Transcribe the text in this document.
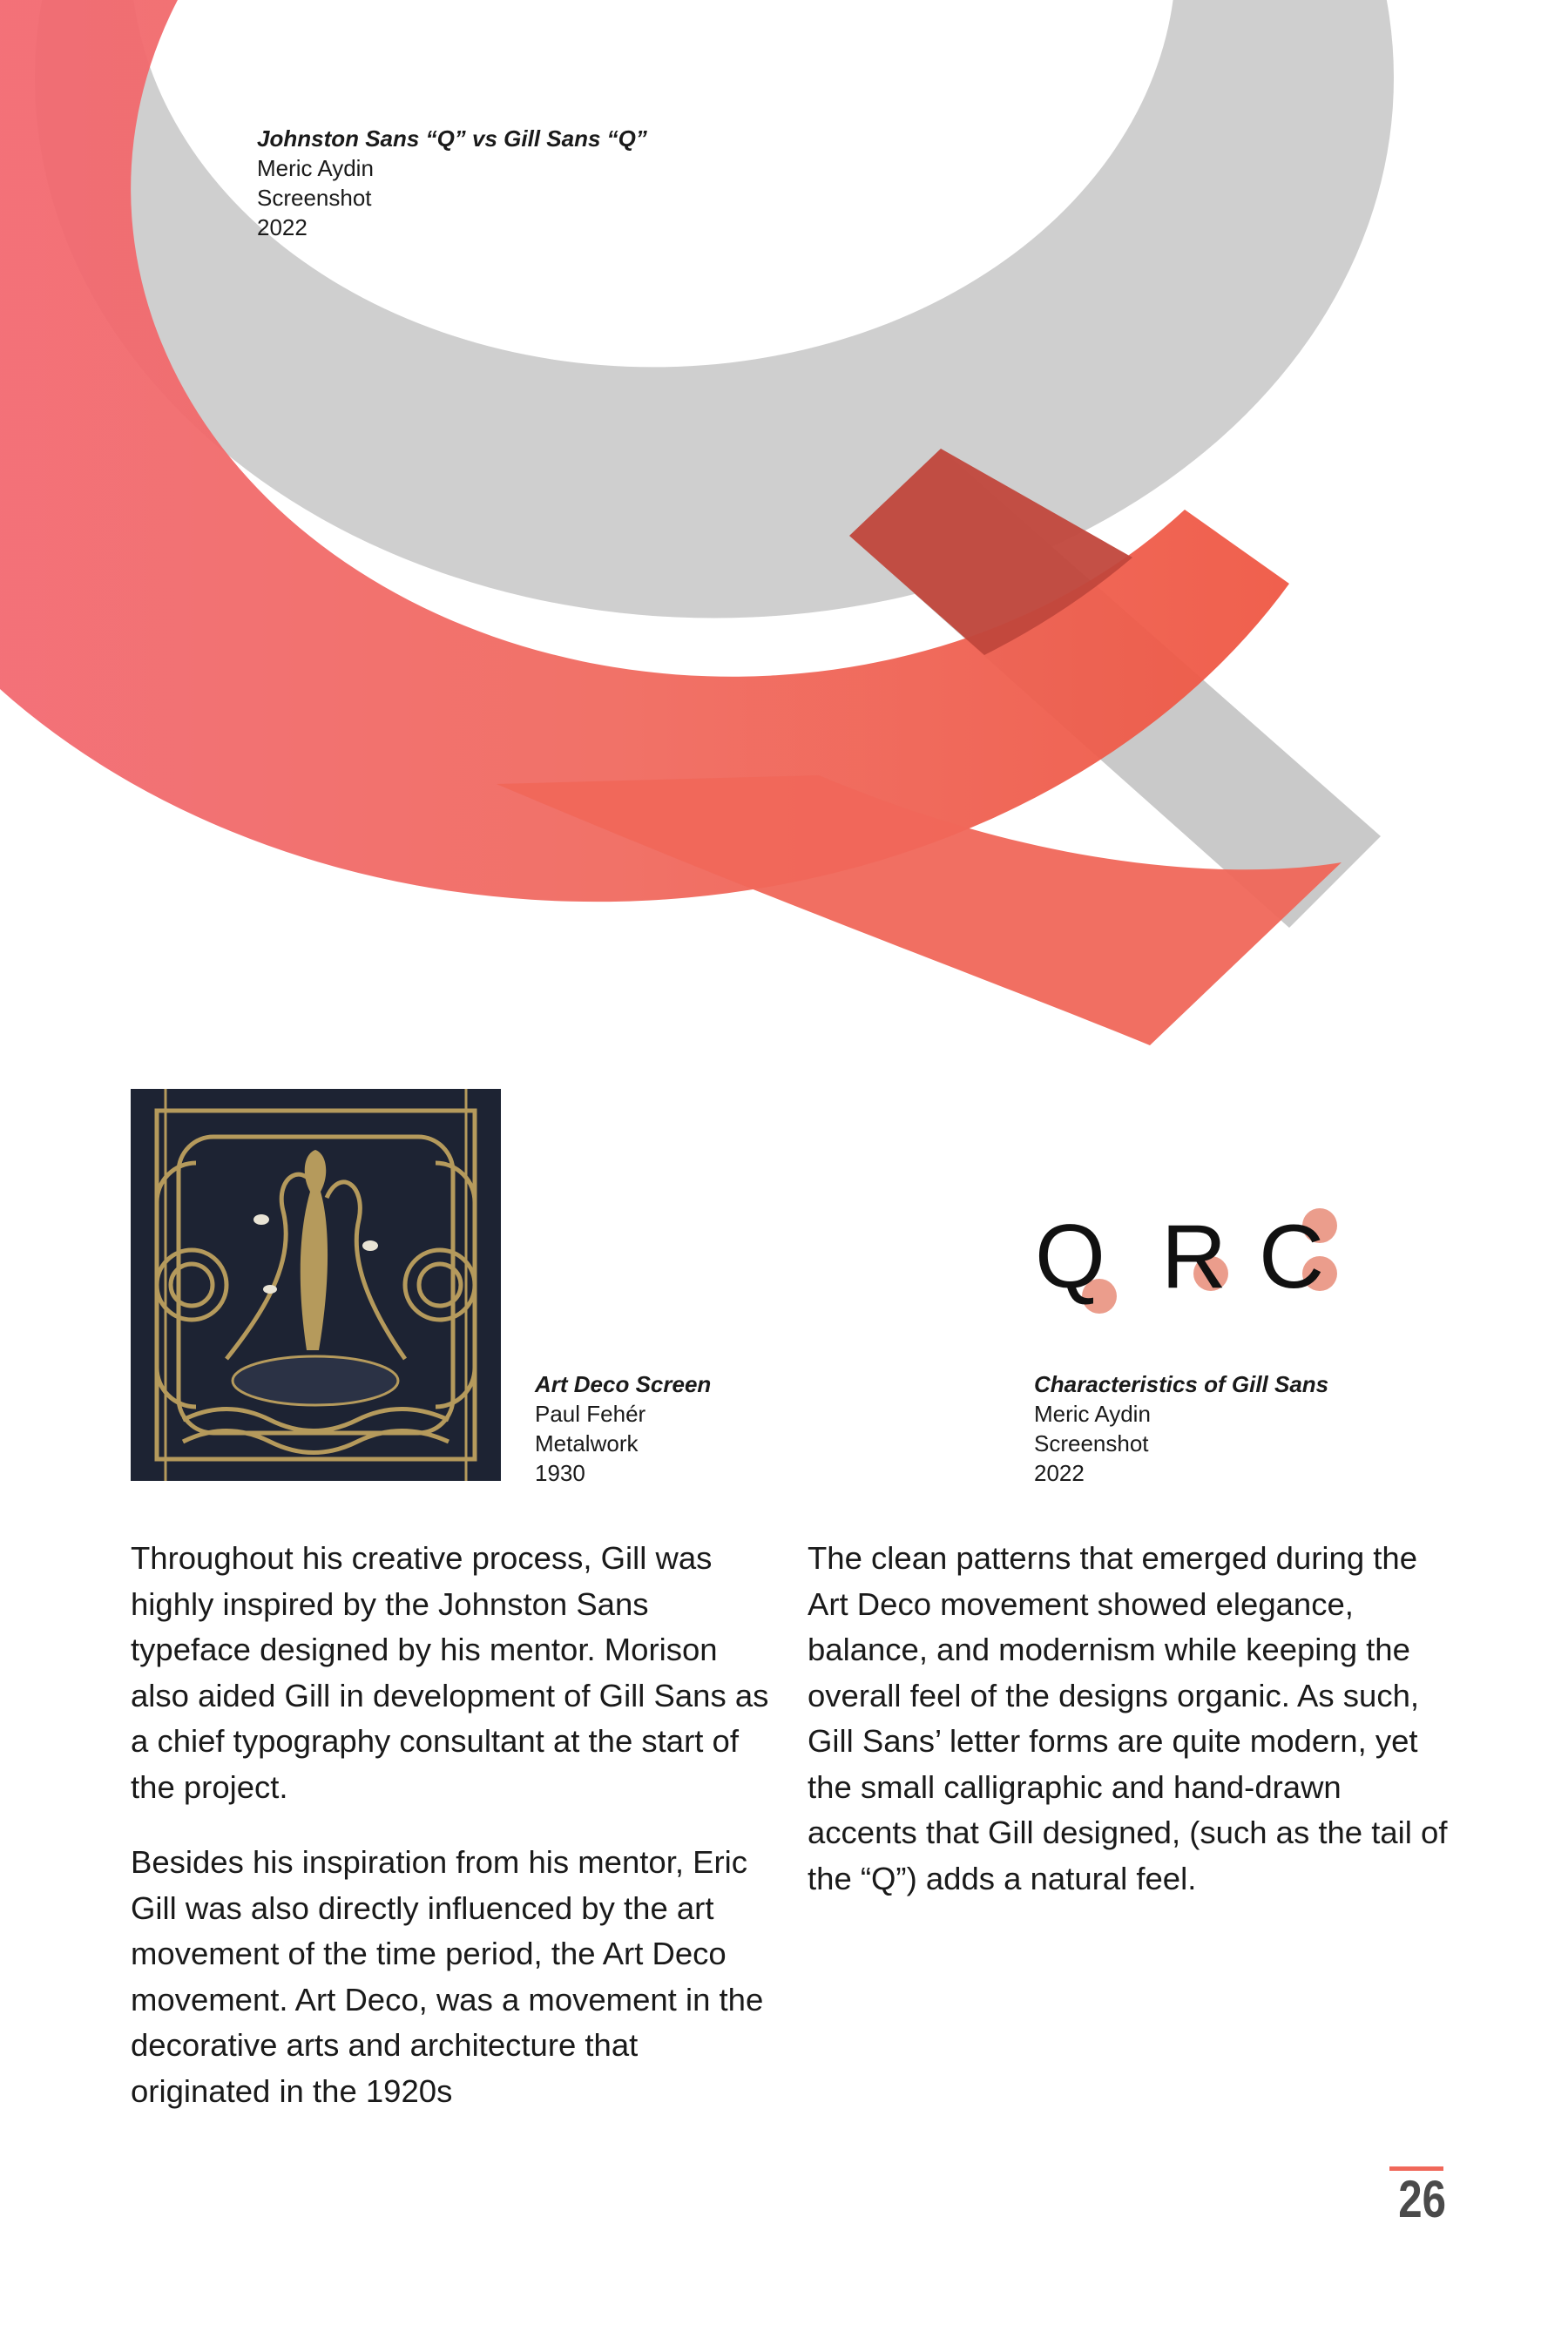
Johnston Sans “Q” vs Gill Sans “Q”
Meric Aydin
Screenshot
2022
Art Deco Screen
Paul Fehér
Metalwork
1930
Q R C
Characteristics of Gill Sans
Meric Aydin
Screenshot
2022

Throughout his creative process, Gill was highly inspired by the Johnston Sans typeface designed by his mentor. Morison also aided Gill in development of Gill Sans as a chief typography consultant at the start of the project.

Besides his inspiration from his mentor, Eric Gill was also directly influenced by the art movement of the time period, the Art Deco movement. Art Deco, was a movement in the decorative arts and architecture that originated in the 1920s

The clean patterns that emerged during the Art Deco movement showed elegance, balance, and modernism while keeping the overall feel of the designs organic. As such, Gill Sans’ letter forms are quite modern, yet the small calligraphic and hand-drawn accents that Gill designed, (such as the tail of the “Q”) adds a natural feel.

26
